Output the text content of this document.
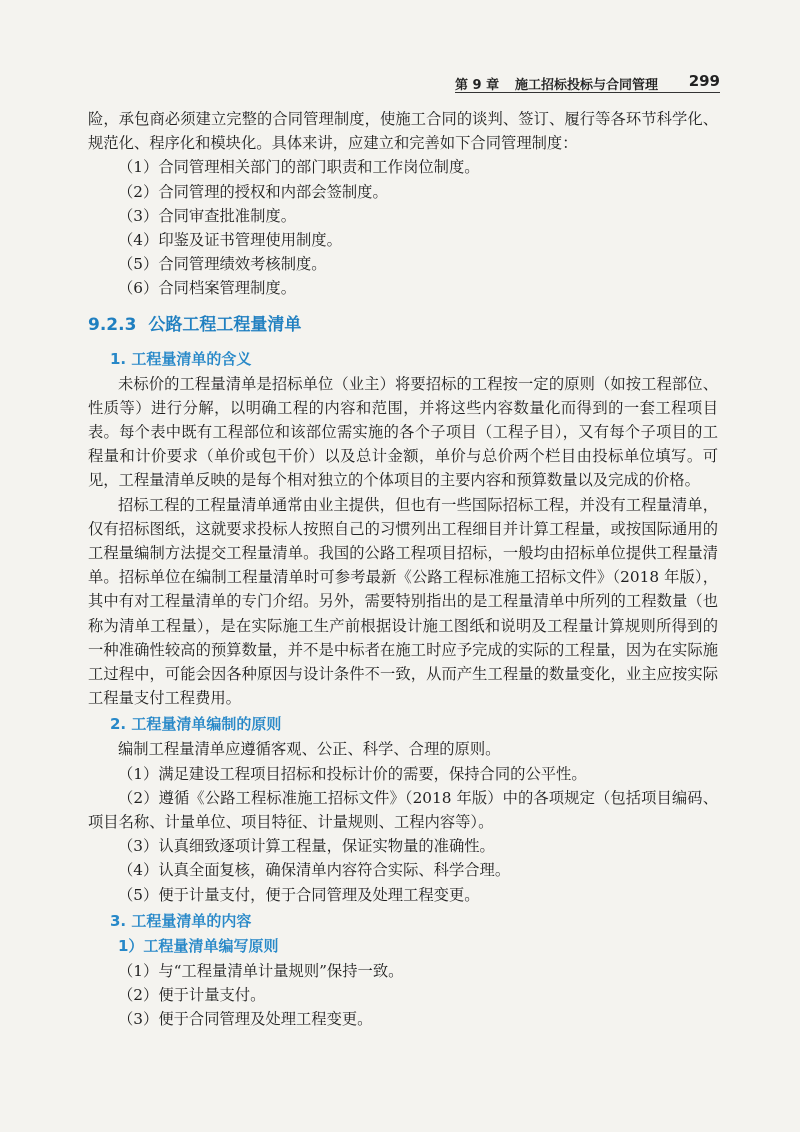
第 9 章 施工招标投标与合同管理 299

险，承包商必须建立完整的合同管理制度，使施工合同的谈判、签订、履行等各环节科学化、规范化、程序化和模块化。具体来讲，应建立和完善如下合同管理制度：

（1）合同管理相关部门的部门职责和工作岗位制度。

（2）合同管理的授权和内部会签制度。

（3）合同审查批准制度。

（4）印鉴及证书管理使用制度。

（5）合同管理绩效考核制度。

（6）合同档案管理制度。

9.2.3 公路工程工程量清单
1. 工程量清单的含义

未标价的工程量清单是招标单位（业主）将要招标的工程按一定的原则（如按工程部位、性质等）进行分解，以明确工程的内容和范围，并将这些内容数量化而得到的一套工程项目表。每个表中既有工程部位和该部位需实施的各个子项目（工程子目），又有每个子项目的工程量和计价要求（单价或包干价）以及总计金额，单价与总价两个栏目由投标单位填写。可见，工程量清单反映的是每个相对独立的个体项目的主要内容和预算数量以及完成的价格。

招标工程的工程量清单通常由业主提供，但也有一些国际招标工程，并没有工程量清单，仅有招标图纸，这就要求投标人按照自己的习惯列出工程细目并计算工程量，或按国际通用的工程量编制方法提交工程量清单。我国的公路工程项目招标，一般均由招标单位提供工程量清单。招标单位在编制工程量清单时可参考最新《公路工程标准施工招标文件》（2018 年版），其中有对工程量清单的专门介绍。另外，需要特别指出的是工程量清单中所列的工程数量（也称为清单工程量），是在实际施工生产前根据设计施工图纸和说明及工程量计算规则所得到的一种准确性较高的预算数量，并不是中标者在施工时应予完成的实际的工程量，因为在实际施工过程中，可能会因各种原因与设计条件不一致，从而产生工程量的数量变化，业主应按实际工程量支付工程费用。

2. 工程量清单编制的原则

编制工程量清单应遵循客观、公正、科学、合理的原则。

（1）满足建设工程项目招标和投标计价的需要，保持合同的公平性。

（2）遵循《公路工程标准施工招标文件》（2018 年版）中的各项规定（包括项目编码、项目名称、计量单位、项目特征、计量规则、工程内容等）。

（3）认真细致逐项计算工程量，保证实物量的准确性。

（4）认真全面复核，确保清单内容符合实际、科学合理。

（5）便于计量支付，便于合同管理及处理工程变更。

3. 工程量清单的内容
1）工程量清单编写原则

（1）与“工程量清单计量规则”保持一致。

（2）便于计量支付。

（3）便于合同管理及处理工程变更。
